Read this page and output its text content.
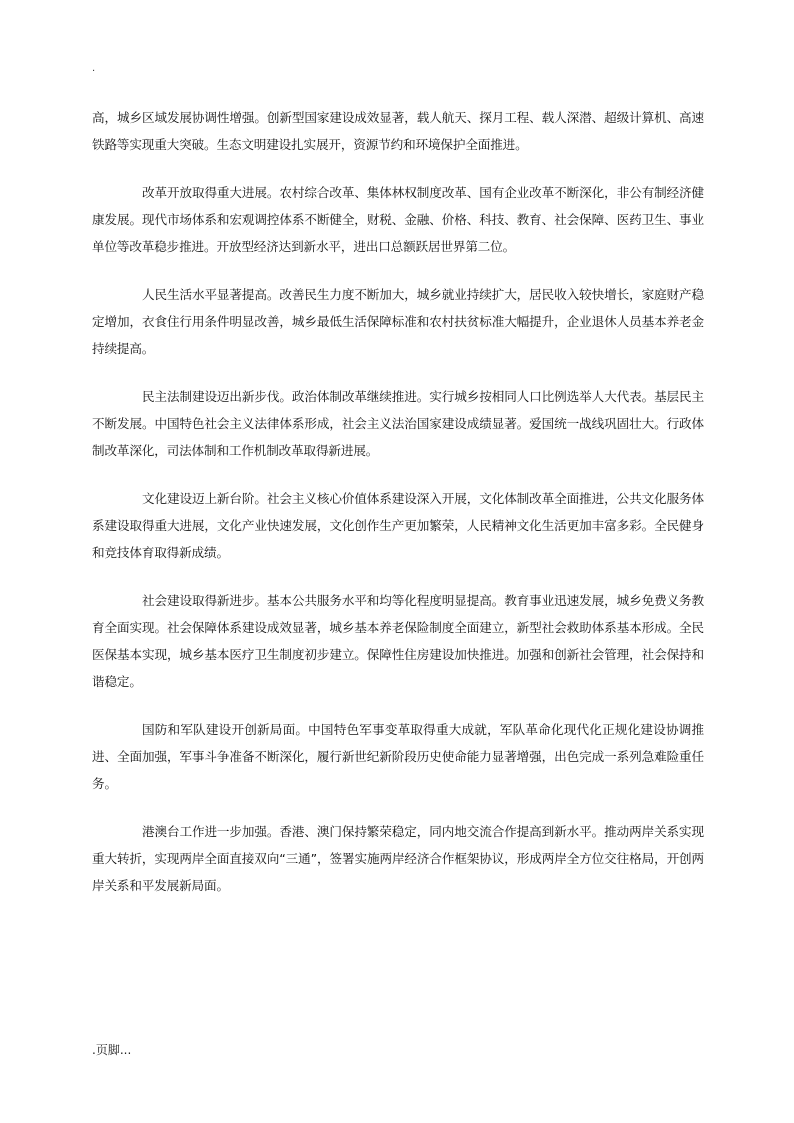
.

高，城乡区域发展协调性增强。创新型国家建设成效显著，载人航天、探月工程、载人深潜、超级计算机、高速铁路等实现重大突破。生态文明建设扎实展开，资源节约和环境保护全面推进。

改革开放取得重大进展。农村综合改革、集体林权制度改革、国有企业改革不断深化，非公有制经济健康发展。现代市场体系和宏观调控体系不断健全，财税、金融、价格、科技、教育、社会保障、医药卫生、事业单位等改革稳步推进。开放型经济达到新水平，进出口总额跃居世界第二位。

人民生活水平显著提高。改善民生力度不断加大，城乡就业持续扩大，居民收入较快增长，家庭财产稳定增加，衣食住行用条件明显改善，城乡最低生活保障标准和农村扶贫标准大幅提升，企业退休人员基本养老金持续提高。

民主法制建设迈出新步伐。政治体制改革继续推进。实行城乡按相同人口比例选举人大代表。基层民主不断发展。中国特色社会主义法律体系形成，社会主义法治国家建设成绩显著。爱国统一战线巩固壮大。行政体制改革深化，司法体制和工作机制改革取得新进展。

文化建设迈上新台阶。社会主义核心价值体系建设深入开展，文化体制改革全面推进，公共文化服务体系建设取得重大进展，文化产业快速发展，文化创作生产更加繁荣，人民精神文化生活更加丰富多彩。全民健身和竞技体育取得新成绩。

社会建设取得新进步。基本公共服务水平和均等化程度明显提高。教育事业迅速发展，城乡免费义务教育全面实现。社会保障体系建设成效显著，城乡基本养老保险制度全面建立，新型社会救助体系基本形成。全民医保基本实现，城乡基本医疗卫生制度初步建立。保障性住房建设加快推进。加强和创新社会管理，社会保持和谐稳定。

国防和军队建设开创新局面。中国特色军事变革取得重大成就，军队革命化现代化正规化建设协调推进、全面加强，军事斗争准备不断深化，履行新世纪新阶段历史使命能力显著增强，出色完成一系列急难险重任务。

港澳台工作进一步加强。香港、澳门保持繁荣稳定，同内地交流合作提高到新水平。推动两岸关系实现重大转折，实现两岸全面直接双向“三通”，签署实施两岸经济合作框架协议，形成两岸全方位交往格局，开创两岸关系和平发展新局面。

.页脚...
